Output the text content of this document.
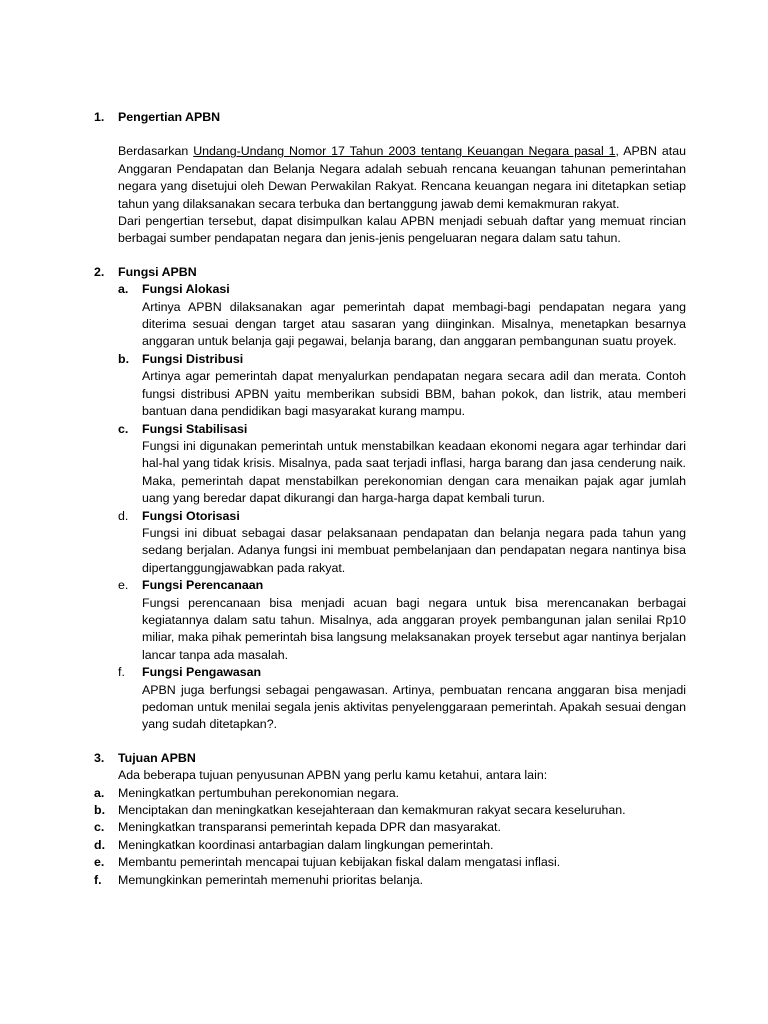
1. Pengertian APBN
Berdasarkan Undang-Undang Nomor 17 Tahun 2003 tentang Keuangan Negara pasal 1, APBN atau Anggaran Pendapatan dan Belanja Negara adalah sebuah rencana keuangan tahunan pemerintahan negara yang disetujui oleh Dewan Perwakilan Rakyat. Rencana keuangan negara ini ditetapkan setiap tahun yang dilaksanakan secara terbuka dan bertanggung jawab demi kemakmuran rakyat.
Dari pengertian tersebut, dapat disimpulkan kalau APBN menjadi sebuah daftar yang memuat rincian berbagai sumber pendapatan negara dan jenis-jenis pengeluaran negara dalam satu tahun.
2. Fungsi APBN
a. Fungsi Alokasi
Artinya APBN dilaksanakan agar pemerintah dapat membagi-bagi pendapatan negara yang diterima sesuai dengan target atau sasaran yang diinginkan. Misalnya, menetapkan besarnya anggaran untuk belanja gaji pegawai, belanja barang, dan anggaran pembangunan suatu proyek.
b. Fungsi Distribusi
Artinya agar pemerintah dapat menyalurkan pendapatan negara secara adil dan merata. Contoh fungsi distribusi APBN yaitu memberikan subsidi BBM, bahan pokok, dan listrik, atau memberi bantuan dana pendidikan bagi masyarakat kurang mampu.
c. Fungsi Stabilisasi
Fungsi ini digunakan pemerintah untuk menstabilkan keadaan ekonomi negara agar terhindar dari hal-hal yang tidak krisis. Misalnya, pada saat terjadi inflasi, harga barang dan jasa cenderung naik. Maka, pemerintah dapat menstabilkan perekonomian dengan cara menaikan pajak agar jumlah uang yang beredar dapat dikurangi dan harga-harga dapat kembali turun.
d. Fungsi Otorisasi
Fungsi ini dibuat sebagai dasar pelaksanaan pendapatan dan belanja negara pada tahun yang sedang berjalan. Adanya fungsi ini membuat pembelanjaan dan pendapatan negara nantinya bisa dipertanggungjawabkan pada rakyat.
e. Fungsi Perencanaan
Fungsi perencanaan bisa menjadi acuan bagi negara untuk bisa merencanakan berbagai kegiatannya dalam satu tahun. Misalnya, ada anggaran proyek pembangunan jalan senilai Rp10 miliar, maka pihak pemerintah bisa langsung melaksanakan proyek tersebut agar nantinya berjalan lancar tanpa ada masalah.
f. Fungsi Pengawasan
APBN juga berfungsi sebagai pengawasan. Artinya, pembuatan rencana anggaran bisa menjadi pedoman untuk menilai segala jenis aktivitas penyelenggaraan pemerintah. Apakah sesuai dengan yang sudah ditetapkan?.
3. Tujuan APBN
Ada beberapa tujuan penyusunan APBN yang perlu kamu ketahui, antara lain:
a. Meningkatkan pertumbuhan perekonomian negara.
b. Menciptakan dan meningkatkan kesejahteraan dan kemakmuran rakyat secara keseluruhan.
c. Meningkatkan transparansi pemerintah kepada DPR dan masyarakat.
d. Meningkatkan koordinasi antarbagian dalam lingkungan pemerintah.
e. Membantu pemerintah mencapai tujuan kebijakan fiskal dalam mengatasi inflasi.
f. Memungkinkan pemerintah memenuhi prioritas belanja.
